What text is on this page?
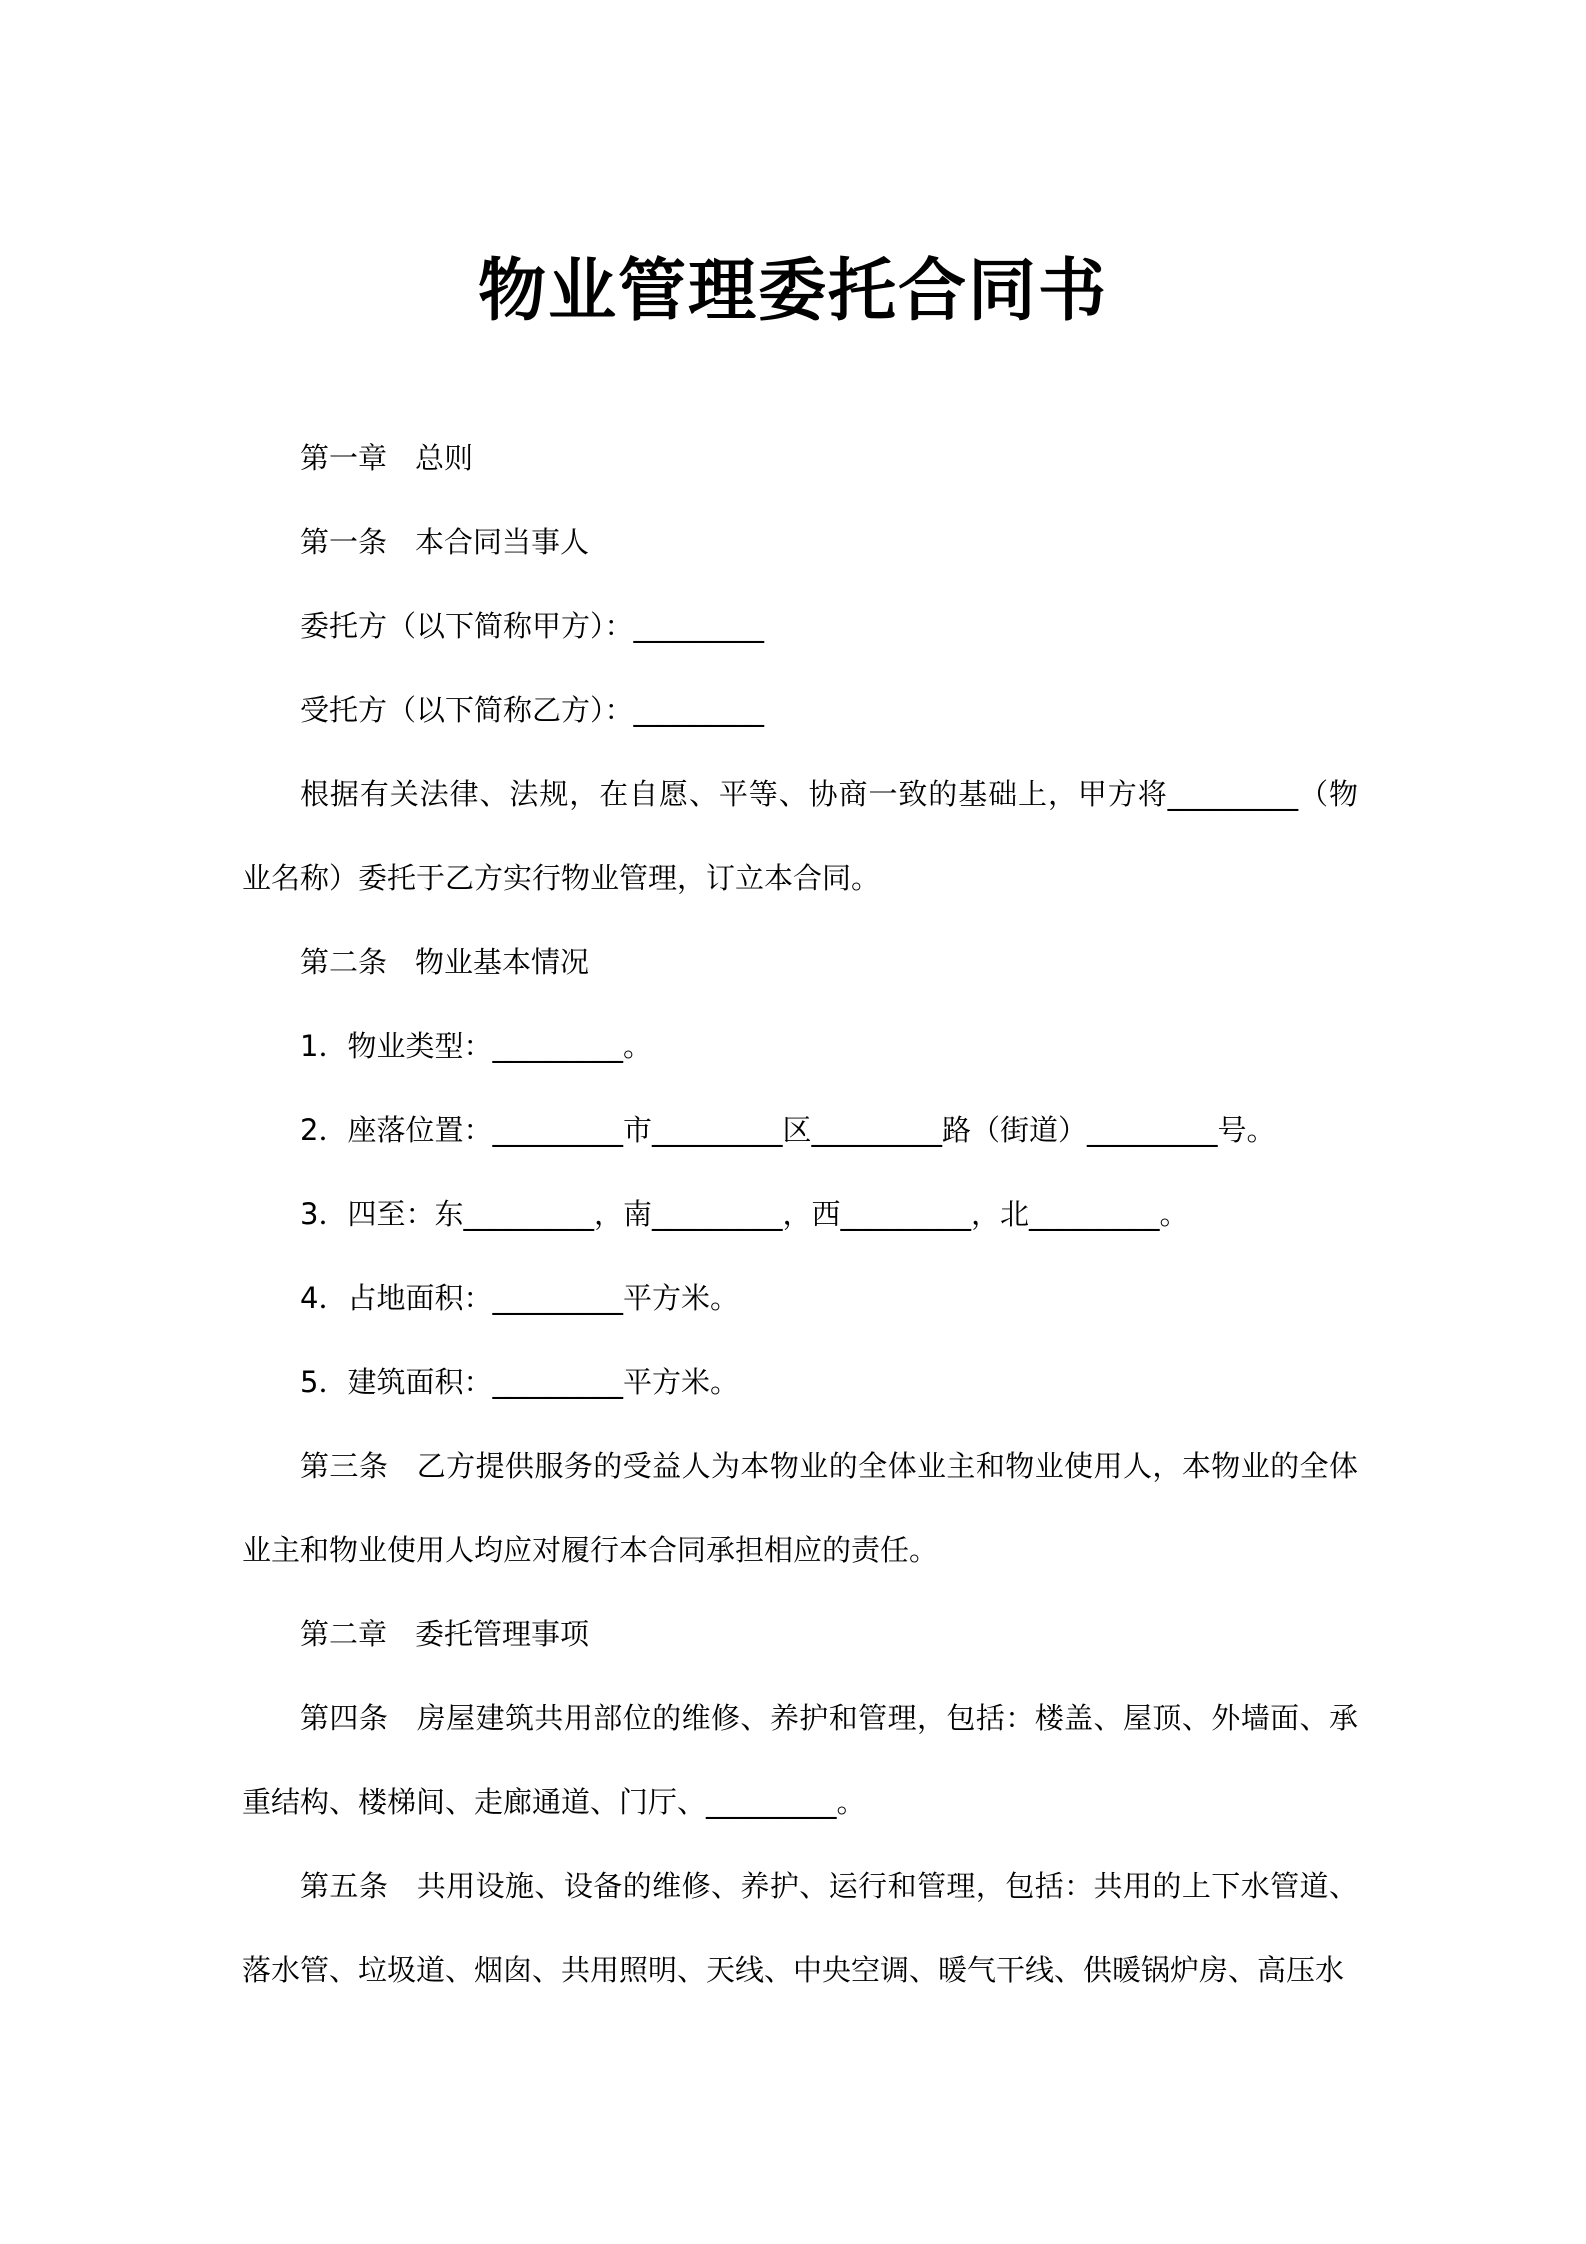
物业管理委托合同书

第一章 总则

第一条 本合同当事人

委托方（以下简称甲方）：_________

受托方（以下简称乙方）：_________

根据有关法律、法规，在自愿、平等、协商一致的基础上，甲方将_________（物业名称）委托于乙方实行物业管理，订立本合同。

第二条 物业基本情况

1．物业类型：_________。

2．座落位置：_________市_________区_________路（街道）_________号。

3．四至：东_________，南_________，西_________，北_________。

4．占地面积：_________平方米。

5．建筑面积：_________平方米。

第三条 乙方提供服务的受益人为本物业的全体业主和物业使用人，本物业的全体业主和物业使用人均应对履行本合同承担相应的责任。

第二章 委托管理事项

第四条 房屋建筑共用部位的维修、养护和管理，包括：楼盖、屋顶、外墙面、承重结构、楼梯间、走廊通道、门厅、_________。

第五条 共用设施、设备的维修、养护、运行和管理，包括：共用的上下水管道、落水管、垃圾道、烟囱、共用照明、天线、中央空调、暖气干线、供暖锅炉房、高压水
